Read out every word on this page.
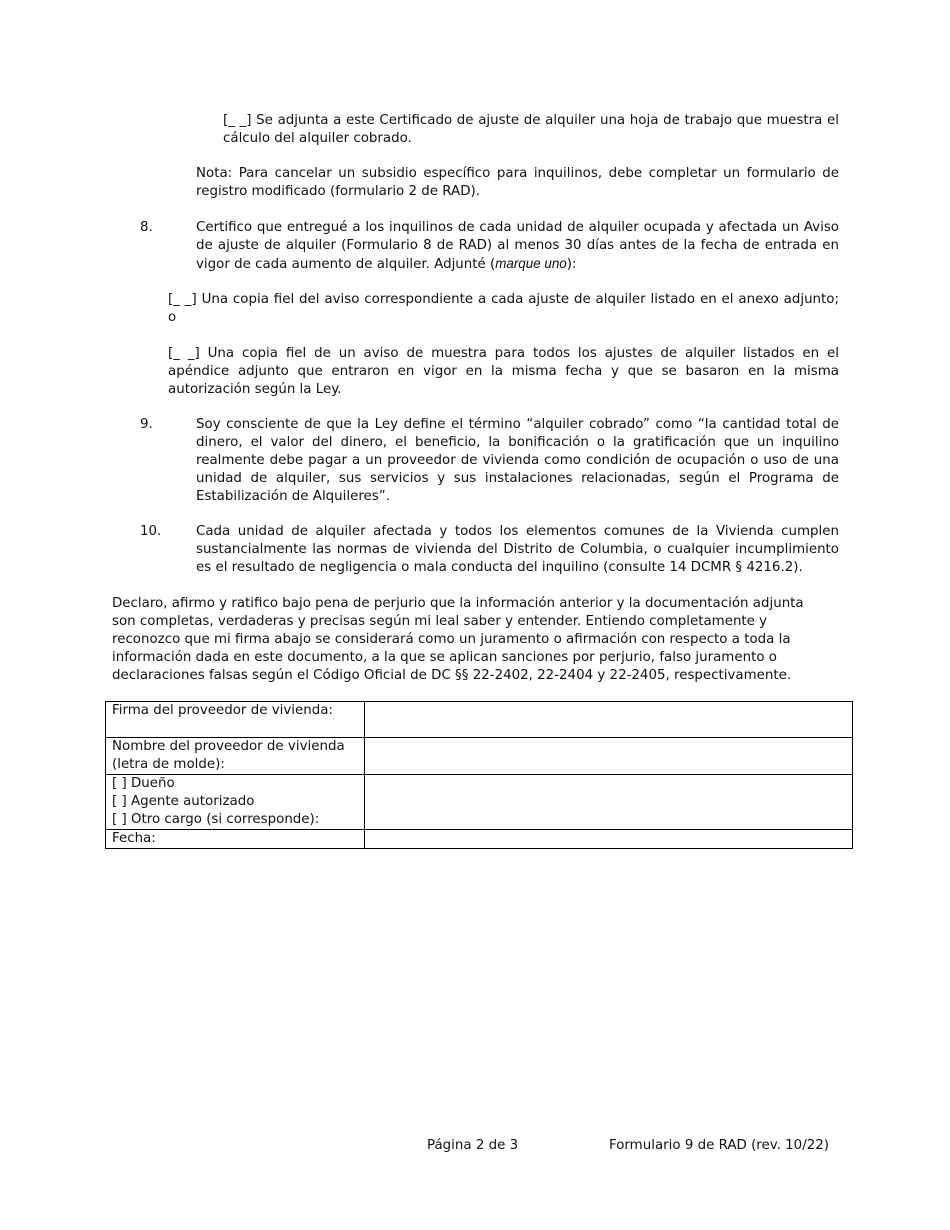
[_ _] Se adjunta a este Certificado de ajuste de alquiler una hoja de trabajo que muestra el cálculo del alquiler cobrado.

Nota: Para cancelar un subsidio específico para inquilinos, debe completar un formulario de registro modificado (formulario 2 de RAD).

8.	Certifico que entregué a los inquilinos de cada unidad de alquiler ocupada y afectada un Aviso de ajuste de alquiler (Formulario 8 de RAD) al menos 30 días antes de la fecha de entrada en vigor de cada aumento de alquiler. Adjunté (marque uno):

[_ _] Una copia fiel del aviso correspondiente a cada ajuste de alquiler listado en el anexo adjunto; o

[_ _] Una copia fiel de un aviso de muestra para todos los ajustes de alquiler listados en el apéndice adjunto que entraron en vigor en la misma fecha y que se basaron en la misma autorización según la Ley.

9.	Soy consciente de que la Ley define el término “alquiler cobrado” como “la cantidad total de dinero, el valor del dinero, el beneficio, la bonificación o la gratificación que un inquilino realmente debe pagar a un proveedor de vivienda como condición de ocupación o uso de una unidad de alquiler, sus servicios y sus instalaciones relacionadas, según el Programa de Estabilización de Alquileres”.

10.	Cada unidad de alquiler afectada y todos los elementos comunes de la Vivienda cumplen sustancialmente las normas de vivienda del Distrito de Columbia, o cualquier incumplimiento es el resultado de negligencia o mala conducta del inquilino (consulte 14 DCMR § 4216.2).

Declaro, afirmo y ratifico bajo pena de perjurio que la información anterior y la documentación adjunta son completas, verdaderas y precisas según mi leal saber y entender. Entiendo completamente y reconozco que mi firma abajo se considerará como un juramento o afirmación con respecto a toda la información dada en este documento, a la que se aplican sanciones por perjurio, falso juramento o declaraciones falsas según el Código Oficial de DC §§ 22-2402, 22-2404 y 22-2405, respectivamente.

Firma del proveedor de vivienda:	
Nombre del proveedor de vivienda (letra de molde):	

[ ] Dueño
[ ] Agente autorizado
[ ] Otro cargo (si corresponde):	

Fecha:	
Página 2 de 3	Formulario 9 de RAD (rev. 10/22)
